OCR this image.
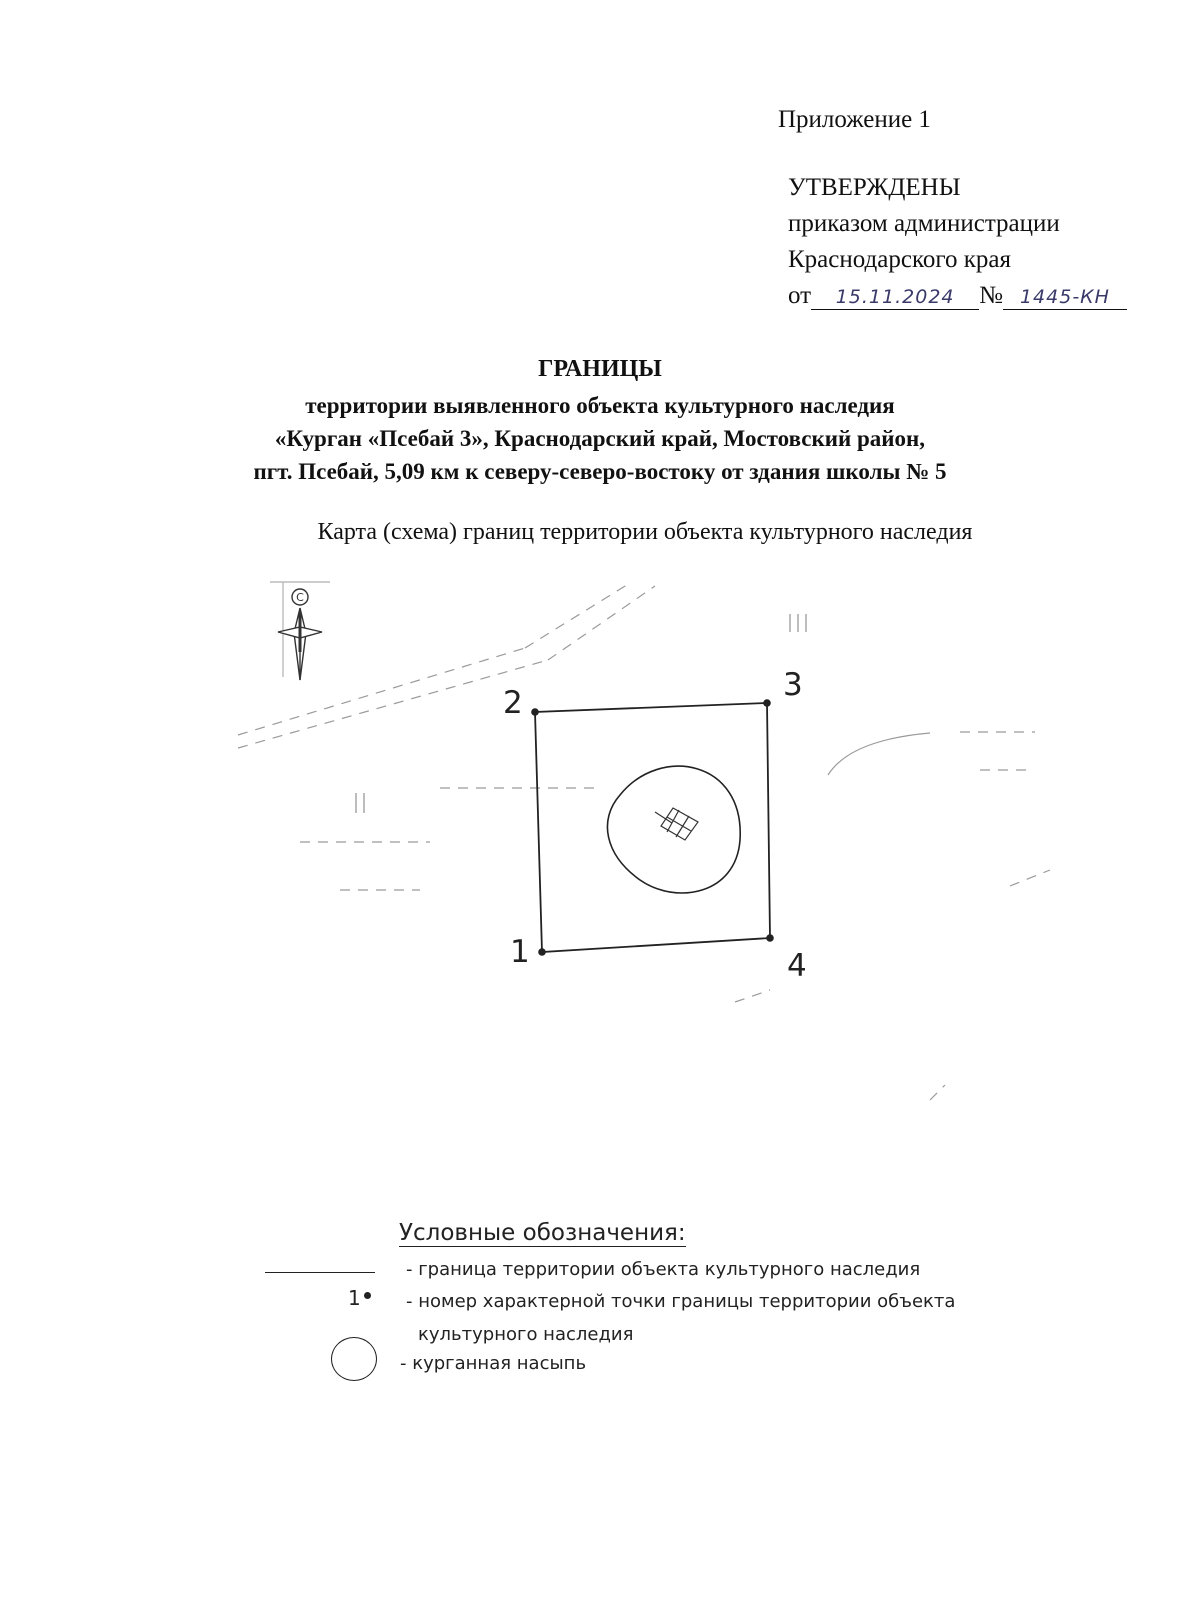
Приложение 1
УТВЕРЖДЕНЫ
приказом администрации
Краснодарского края
от 15.11.2024 № 1445-КН
ГРАНИЦЫ
территории выявленного объекта культурного наследия
«Курган «Псебай 3», Краснодарский край, Мостовский район,
пгт. Псебай, 5,09 км к северу-северо-востоку от здания школы № 5
Карта (схема) границ территории объекта культурного наследия
С
1
2	3
4
Условные обозначения:
- граница территории объекта культурного наследия
1	- номер характерной точки границы территории объекта
культурного наследия
- курганная насыпь
